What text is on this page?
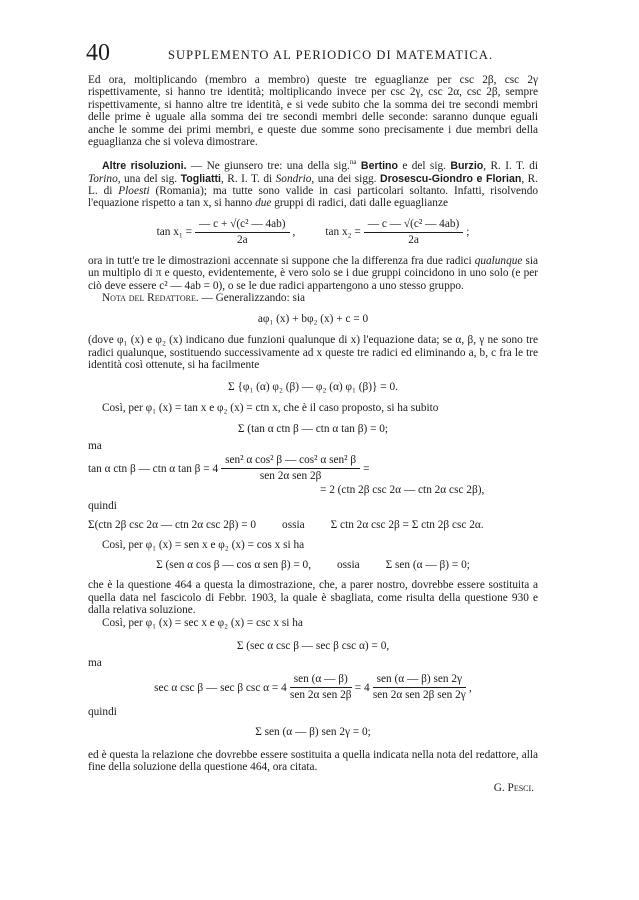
40	SUPPLEMENTO AL PERIODICO DI MATEMATICA.

Ed ora, moltiplicando (membro a membro) queste tre eguaglianze per csc 2β, csc 2γ rispettivamente, si hanno tre identità; moltiplicando invece per csc 2γ, csc 2α, csc 2β, sempre rispettivamente, si hanno altre tre identità, e si vede subito che la somma dei tre secondi membri delle prime è uguale alla somma dei tre secondi membri delle seconde: saranno dunque eguali anche le somme dei primi membri, e queste due somme sono precisamente i due membri della eguaglianza che si voleva dimostrare.

Altre risoluzioni. — Ne giunsero tre: una della sig.$^{na}$ Bertino e del sig. Burzio, R. I. T. di Torino, una del sig. Togliatti, R. I. T. di Sondrio, una dei sigg. Drosescu-Giondro e Florian, R. L. di Ploesti (Romania); ma tutte sono valide in casi particolari soltanto. Infatti, risolvendo l'equazione rispetto a tan x, si hanno due gruppi di radici, dati dalle eguaglianze

$\tan x_1 = \frac{\text{— c + √(c² — 4ab)}}{2a}$ ,	$\tan x_2 = \frac{\text{— c — √(c² — 4ab)}}{2a}$ ;

ora in tutt'e tre le dimostrazioni accennate si suppone che la differenza fra due radici qualunque sia un multiplo di π e questo, evidentemente, è vero solo se i due gruppi coincidono in uno solo (e per ciò deve essere c² — 4ab = 0), o se le due radici appartengono a uno stesso gruppo.

Nota del Redattore. — Generalizzando: sia

aφ₁ (x) + bφ₂ (x) + c = 0

(dove φ₁ (x) e φ₂ (x) indicano due funzioni qualunque di x) l'equazione data; se α, β, γ ne sono tre radici qualunque, sostituendo successivamente ad x queste tre radici ed eliminando a, b, c fra le tre identità così ottenute, si ha facilmente

Σ {φ₁ (α) φ₂ (β) — φ₂ (α) φ₁ (β)} = 0.

Così, per φ₁ (x) = tan x e φ₂ (x) = ctn x, che è il caso proposto, si ha subito

Σ (tan α ctn β — ctn α tan β) = 0;

ma

tan α ctn β — ctn α $\tan \beta = 4 \frac{\text{sen² α cos² β — cos² α sen² β}}{\text{sen 2α sen 2β}}$ =
= 2 (ctn 2β csc 2α — ctn 2α csc 2β),

quindi

Σ(ctn 2β csc 2α — ctn 2α csc 2β) = 0 ossia Σ ctn 2α csc 2β = Σ ctn 2β csc 2α.

Così, per φ₁ (x) = sen x e φ₂ (x) = cos x si ha

Σ (sen α cos β — cos α sen β) = 0, ossia Σ sen (α — β) = 0;

che è la questione 464 a questa la dimostrazione, che, a parer nostro, dovrebbe essere sostituita a quella data nel fascicolo di Febbr. 1903, la quale è sbagliata, come risulta della questione 930 e dalla relativa soluzione.

Così, per φ₁ (x) = sec x e φ₂ (x) = csc x si ha

Σ (sec α csc β — sec β csc α) = 0,

ma

sec α csc β — sec β $\csc \alpha = 4 \frac{\text{sen (α — β)}}{\text{sen 2α sen 2β}} = 4 \frac{\text{sen (α — β) sen 2γ}}{\text{sen 2α sen 2β sen 2γ}}$ ,

quindi

Σ sen (α — β) sen 2γ = 0;

ed è questa la relazione che dovrebbe essere sostituita a quella indicata nella nota del redattore, alla fine della soluzione della questione 464, ora citata.

G. Pesci.
